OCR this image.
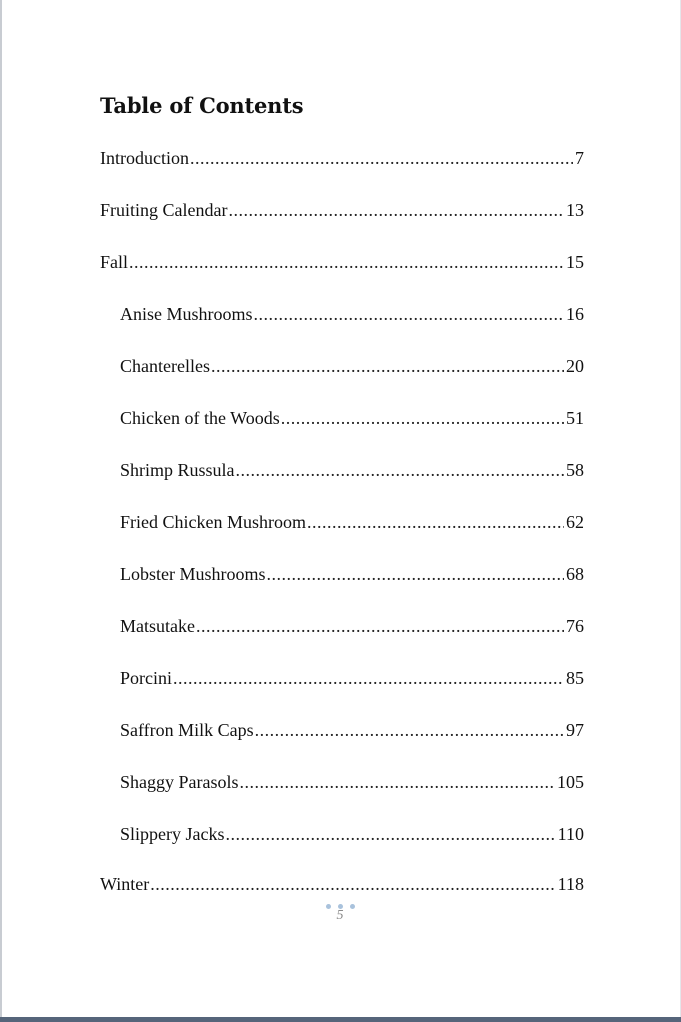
Table of Contents
Introduction .....	7
Fruiting Calendar .....	13
Fall .....	15
Anise Mushrooms .....	16
Chanterelles .....	20
Chicken of the Woods .....	51
Shrimp Russula .....	58
Fried Chicken Mushroom .....	62
Lobster Mushrooms .....	68
Matsutake .....	76
Porcini .....	85
Saffron Milk Caps .....	97
Shaggy Parasols .....	105
Slippery Jacks .....	110
Winter .....	118
5
